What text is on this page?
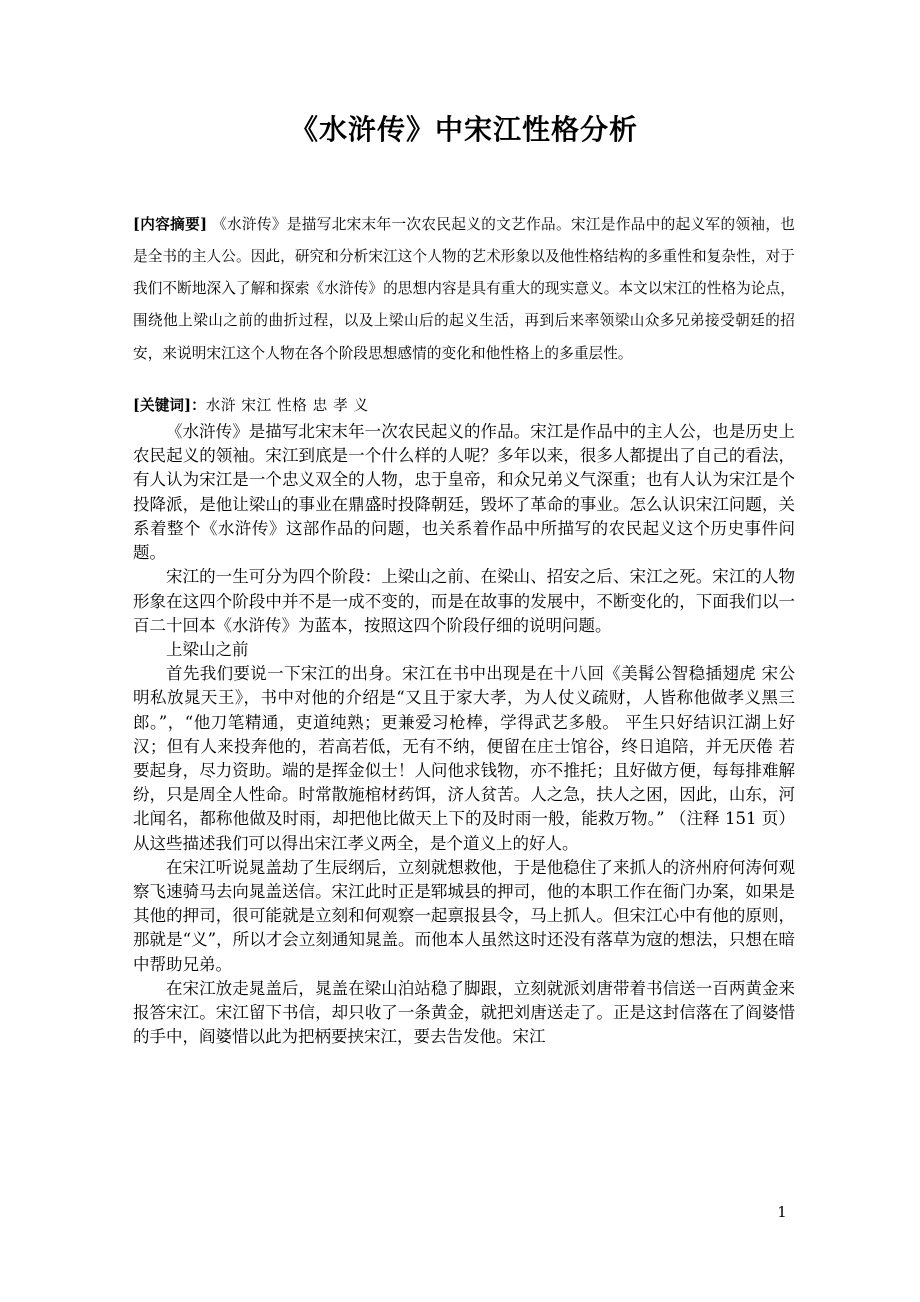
《水浒传》中宋江性格分析
[内容摘要] 《水浒传》是描写北宋末年一次农民起义的文艺作品。宋江是作品中的起义军的领袖，也是全书的主人公。因此，研究和分析宋江这个人物的艺术形象以及他性格结构的多重性和复杂性，对于我们不断地深入了解和探索《水浒传》的思想内容是具有重大的现实意义。本文以宋江的性格为论点，围绕他上梁山之前的曲折过程，以及上梁山后的起义生活，再到后来率领梁山众多兄弟接受朝廷的招安，来说明宋江这个人物在各个阶段思想感情的变化和他性格上的多重层性。
[关键词]：水浒 宋江 性格 忠 孝 义

《水浒传》是描写北宋末年一次农民起义的作品。宋江是作品中的主人公，也是历史上农民起义的领袖。宋江到底是一个什么样的人呢？多年以来，很多人都提出了自己的看法，有人认为宋江是一个忠义双全的人物，忠于皇帝，和众兄弟义气深重；也有人认为宋江是个投降派，是他让梁山的事业在鼎盛时投降朝廷，毁坏了革命的事业。怎么认识宋江问题，关系着整个《水浒传》这部作品的问题，也关系着作品中所描写的农民起义这个历史事件问题。

宋江的一生可分为四个阶段：上梁山之前、在梁山、招安之后、宋江之死。宋江的人物形象在这四个阶段中并不是一成不变的，而是在故事的发展中，不断变化的，下面我们以一百二十回本《水浒传》为蓝本，按照这四个阶段仔细的说明问题。

上梁山之前

首先我们要说一下宋江的出身。宋江在书中出现是在十八回《美髯公智稳插翅虎 宋公明私放晁天王》，书中对他的介绍是“又且于家大孝，为人仗义疏财，人皆称他做孝义黑三郎。”，“他刀笔精通，吏道纯熟；更兼爱习枪棒，学得武艺多般。 平生只好结识江湖上好汉；但有人来投奔他的，若高若低，无有不纳，便留在庄士馆谷，终日追陪，并无厌倦 若要起身，尽力资助。端的是挥金似士！人问他求钱物，亦不推托；且好做方便，每每排难解纷，只是周全人性命。时常散施棺材药饵，济人贫苦。人之急，扶人之困，因此，山东，河北闻名，都称他做及时雨，却把他比做天上下的及时雨一般，能救万物。” （注释 151 页）从这些描述我们可以得出宋江孝义两全，是个道义上的好人。

在宋江听说晁盖劫了生辰纲后，立刻就想救他，于是他稳住了来抓人的济州府何涛何观察飞速骑马去向晁盖送信。宋江此时正是郓城县的押司，他的本职工作在衙门办案，如果是其他的押司，很可能就是立刻和何观察一起禀报县令，马上抓人。但宋江心中有他的原则，那就是“义”，所以才会立刻通知晁盖。而他本人虽然这时还没有落草为寇的想法，只想在暗中帮助兄弟。

在宋江放走晁盖后，晁盖在梁山泊站稳了脚跟，立刻就派刘唐带着书信送一百两黄金来报答宋江。宋江留下书信，却只收了一条黄金，就把刘唐送走了。正是这封信落在了阎婆惜的手中，阎婆惜以此为把柄要挟宋江，要去告发他。宋江

1
